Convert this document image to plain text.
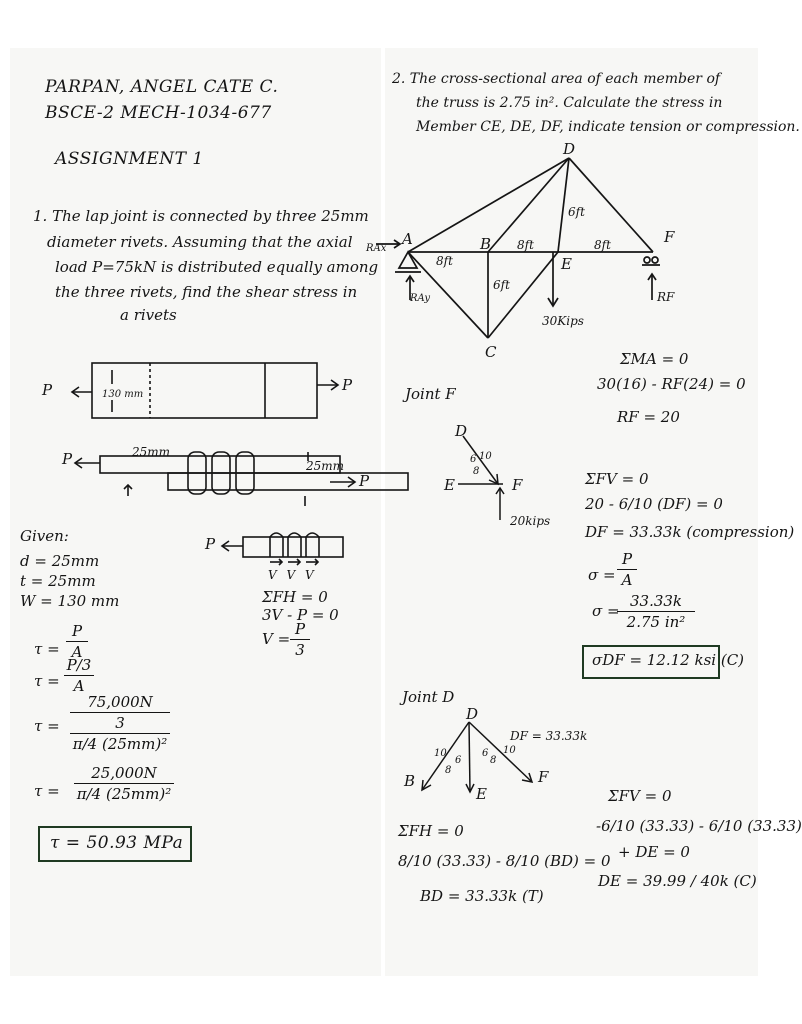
PARPAN, ANGEL CATE C.
BSCE-2 MECH-1034-677
ASSIGNMENT 1
1. The lap joint is connected by three 25mm
diameter rivets. Assuming that the axial
load P=75kN is distributed equally among
the three rivets, find the shear stress in
a rivets
P	P
130 mm
P
P
25mm
25mm
P
V V V
Given:
d = 25mm
t = 25mm
W = 130 mm	ΣFH = 0
3V - P = 0
V =
P
3
τ =
P
A
τ =
P/3
A
τ =
75,000N
3
π/4 (25mm)²
τ =
25,000N
π/4 (25mm)²
τ = 50.93 MPa
2. The cross-sectional area of each member of
the truss is 2.75 in². Calculate the stress in
Member CE, DE, DF, indicate tension or compression.
D
A	B
E
F
C
8ft
8ft	8ft
6ft
6ft
30Kips
RAx
RAy	RF
ΣMA = 0
30(16) - RF(24) = 0
RF = 20
Joint F
D
6
8
10
E	F
20kips
ΣFV = 0
20 - 6/10 (DF) = 0
DF = 33.33k (compression)
σ =
P
A
σ =
33.33k
2.75 in²
σDF = 12.12 ksi (C)
Joint D
D
B
E
F
10
6
8
6
8
10
DF = 33.33k
ΣFH = 0
8/10 (33.33) - 8/10 (BD) = 0
BD = 33.33k (T)
ΣFV = 0
-6/10 (33.33) - 6/10 (33.33)
+ DE = 0
DE = 39.99 / 40k (C)
